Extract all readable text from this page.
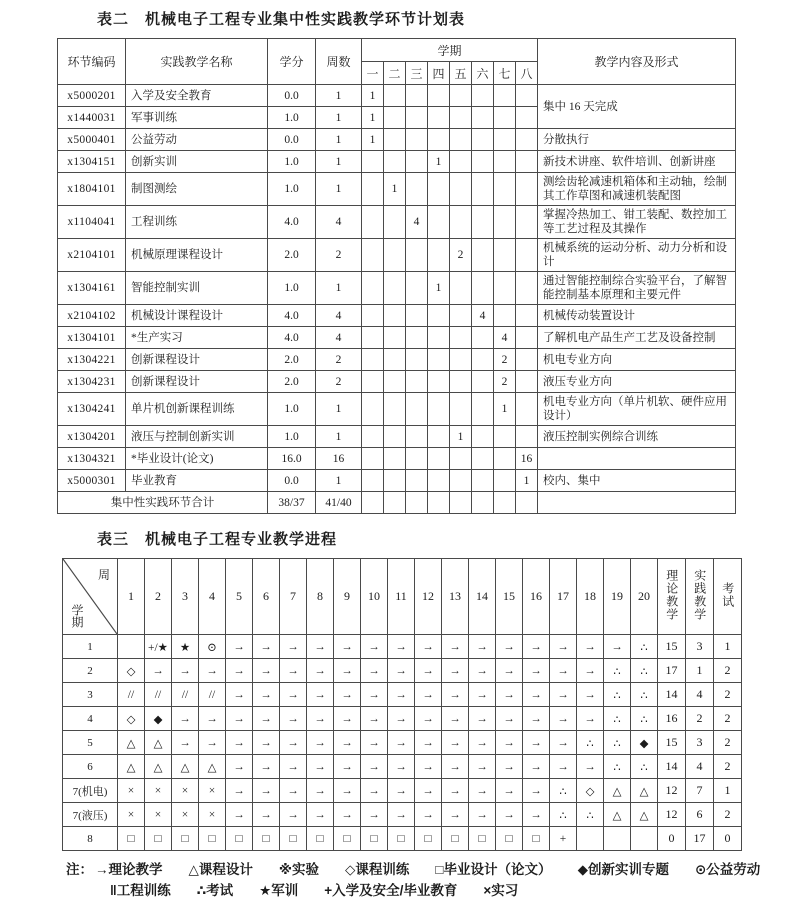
表二　机械电子工程专业集中性实践教学环节计划表
环节编码	实践教学名称	学分	周数	学期								教学内容及形式
				一	二	三	四	五	六	七	八	
x5000201	入学及安全教育	0.0	1	1								集中 16 天完成
x1440031	军事训练	1.0	1	1								
x5000401	公益劳动	0.0	1	1								分散执行
x1304151	创新实训	1.0	1				1					新技术讲座、软件培训、创新讲座
x1804101	制图测绘	1.0	1		1							测绘齿轮减速机箱体和主动轴，绘制其工作草图和减速机装配图
x1104041	工程训练	4.0	4			4						掌握冷热加工、钳工装配、数控加工等工艺过程及其操作
x2104101	机械原理课程设计	2.0	2					2				机械系统的运动分析、动力分析和设计
x1304161	智能控制实训	1.0	1				1					通过智能控制综合实验平台，了解智能控制基本原理和主要元件
x2104102	机械设计课程设计	4.0	4						4			机械传动装置设计
x1304101	*生产实习	4.0	4							4		了解机电产品生产工艺及设备控制
x1304221	创新课程设计	2.0	2							2		机电专业方向
x1304231	创新课程设计	2.0	2							2		液压专业方向
x1304241	单片机创新课程训练	1.0	1							1		机电专业方向（单片机软、硬件应用设计）
x1304201	液压与控制创新实训	1.0	1					1				液压控制实例综合训练
x1304321	*毕业设计(论文)	16.0	16								16	
x5000301	毕业教育	0.0	1								1	校内、集中
集中性实践环节合计		38/37	41/40									
表三　机械电子工程专业教学进程
周
学期	1	2	3	4	5	6	7	8	9	10	11	12	13	14	15	16	17	18	19	20	理论教学	实践教学	考试
1		+/★	★	⊙	→	→	→	→	→	→	→	→	→	→	→	→	→	→	→	∴	15	3	1
2	◇	→	→	→	→	→	→	→	→	→	→	→	→	→	→	→	→	→	∴	∴	17	1	2
3	//	//	//	//	→	→	→	→	→	→	→	→	→	→	→	→	→	→	∴	∴	14	4	2
4	◇	◆	→	→	→	→	→	→	→	→	→	→	→	→	→	→	→	→	∴	∴	16	2	2
5	△	△	→	→	→	→	→	→	→	→	→	→	→	→	→	→	→	∴	∴	◆	15	3	2
6	△	△	△	△	→	→	→	→	→	→	→	→	→	→	→	→	→	→	∴	∴	14	4	2
7(机电)	×	×	×	×	→	→	→	→	→	→	→	→	→	→	→	→	∴	◇	△	△	12	7	1
7(液压)	×	×	×	×	→	→	→	→	→	→	→	→	→	→	→	→	∴	∴	△	△	12	6	2
8	□	□	□	□	□	□	□	□	□	□	□	□	□	□	□	□	+				0	17	0
注： →理论教学 △课程设计 ※实验 ◇课程训练 □毕业设计（论文） ◆创新实训专题 ⊙公益劳动
‖工程训练 ∴考试 ★军训 +入学及安全/毕业教育 ×实习
